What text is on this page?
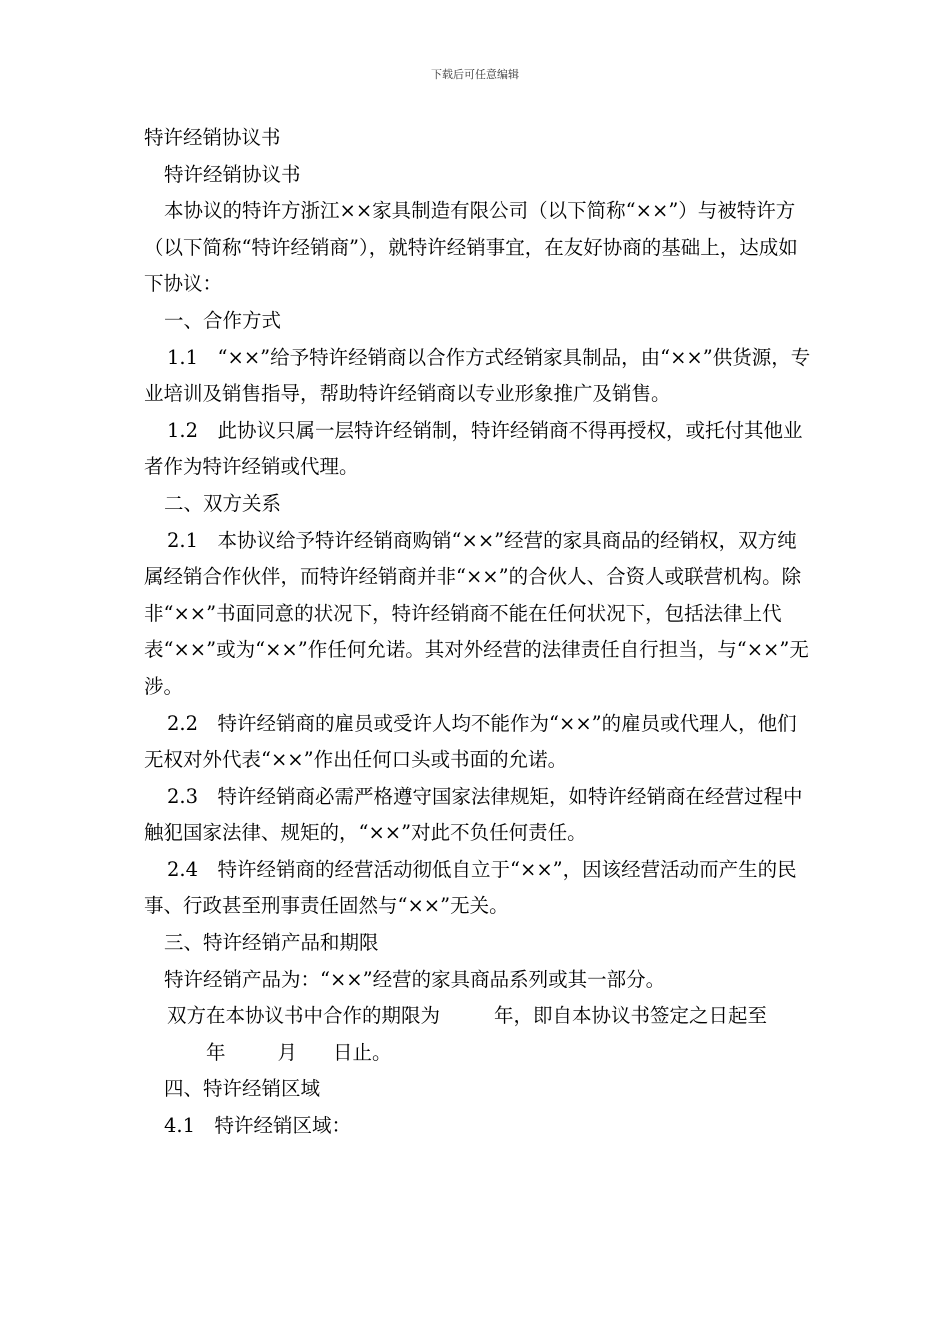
下载后可任意编辑

特许经销协议书

特许经销协议书

本协议的特许方浙江××家具制造有限公司（以下简称“××”）与被特许方（以下简称“特许经销商”），就特许经销事宜，在友好协商的基础上，达成如下协议：

一、合作方式

1.1　“××”给予特许经销商以合作方式经销家具制品，由“××”供货源，专业培训及销售指导，帮助特许经销商以专业形象推广及销售。

1.2　此协议只属一层特许经销制，特许经销商不得再授权，或托付其他业者作为特许经销或代理。

二、双方关系

2.1　本协议给予特许经销商购销“××”经营的家具商品的经销权，双方纯属经销合作伙伴，而特许经销商并非“××”的合伙人、合资人或联营机构。除非“××”书面同意的状况下，特许经销商不能在任何状况下，包括法律上代表“××”或为“××”作任何允诺。其对外经营的法律责任自行担当，与“××”无涉。

2.2　特许经销商的雇员或受许人均不能作为“××”的雇员或代理人，他们无权对外代表“××”作出任何口头或书面的允诺。

2.3　特许经销商必需严格遵守国家法律规矩，如特许经销商在经营过程中触犯国家法律、规矩的，“××”对此不负任何责任。

2.4　特许经销商的经营活动彻低自立于“××”，因该经营活动而产生的民事、行政甚至刑事责任固然与“××”无关。

三、特许经销产品和期限

特许经销产品为：“××”经营的家具商品系列或其一部分。

双方在本协议书中合作的期限为	年，即自本协议书签定之日起至年	月 日止。

四、特许经销区域

4.1　特许经销区域：
